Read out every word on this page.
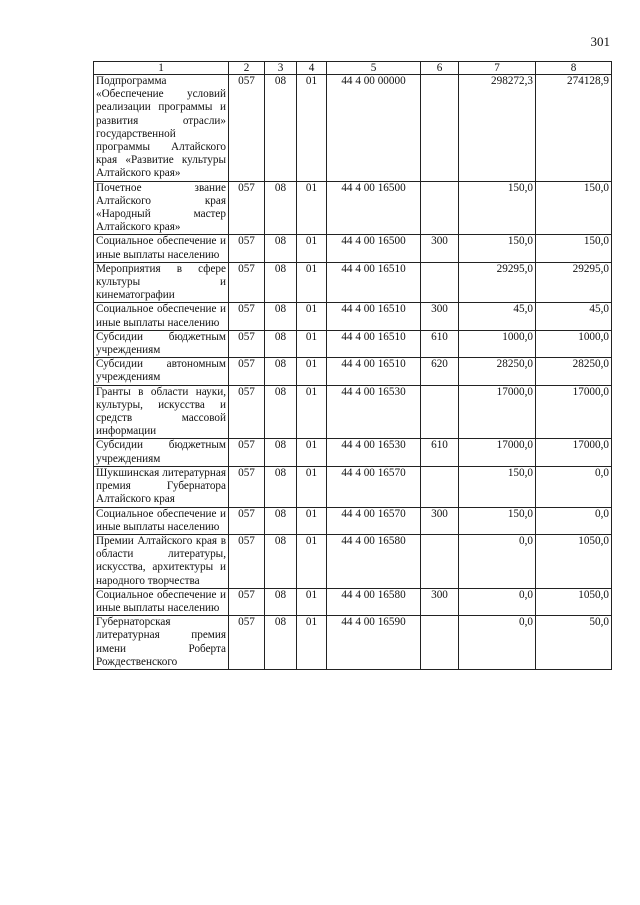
301
1	2	3	4	5	6	7	8
Подпрограмма «Обеспечение условий реализации программы и развития отрасли» государственной программы Алтайского края «Развитие культуры Алтайского края»	057	08	01	44 4 00 00000		298272,3	274128,9
Почетное звание Алтайского края «Народный мастер Алтайского края»	057	08	01	44 4 00 16500		150,0	150,0
Социальное обеспечение и иные выплаты населению	057	08	01	44 4 00 16500	300	150,0	150,0
Мероприятия в сфере культуры и кинематографии	057	08	01	44 4 00 16510		29295,0	29295,0
Социальное обеспечение и иные выплаты населению	057	08	01	44 4 00 16510	300	45,0	45,0
Субсидии бюджетным учреждениям	057	08	01	44 4 00 16510	610	1000,0	1000,0
Субсидии автономным учреждениям	057	08	01	44 4 00 16510	620	28250,0	28250,0
Гранты в области науки, культуры, искусства и средств массовой информации	057	08	01	44 4 00 16530		17000,0	17000,0
Субсидии бюджетным учреждениям	057	08	01	44 4 00 16530	610	17000,0	17000,0
Шукшинская литературная премия Губернатора Алтайского края	057	08	01	44 4 00 16570		150,0	0,0
Социальное обеспечение и иные выплаты населению	057	08	01	44 4 00 16570	300	150,0	0,0
Премии Алтайского края в области литературы, искусства, архитектуры и народного творчества	057	08	01	44 4 00 16580		0,0	1050,0
Социальное обеспечение и иные выплаты населению	057	08	01	44 4 00 16580	300	0,0	1050,0
Губернаторская литературная премия имени Роберта Рождественского	057	08	01	44 4 00 16590		0,0	50,0
